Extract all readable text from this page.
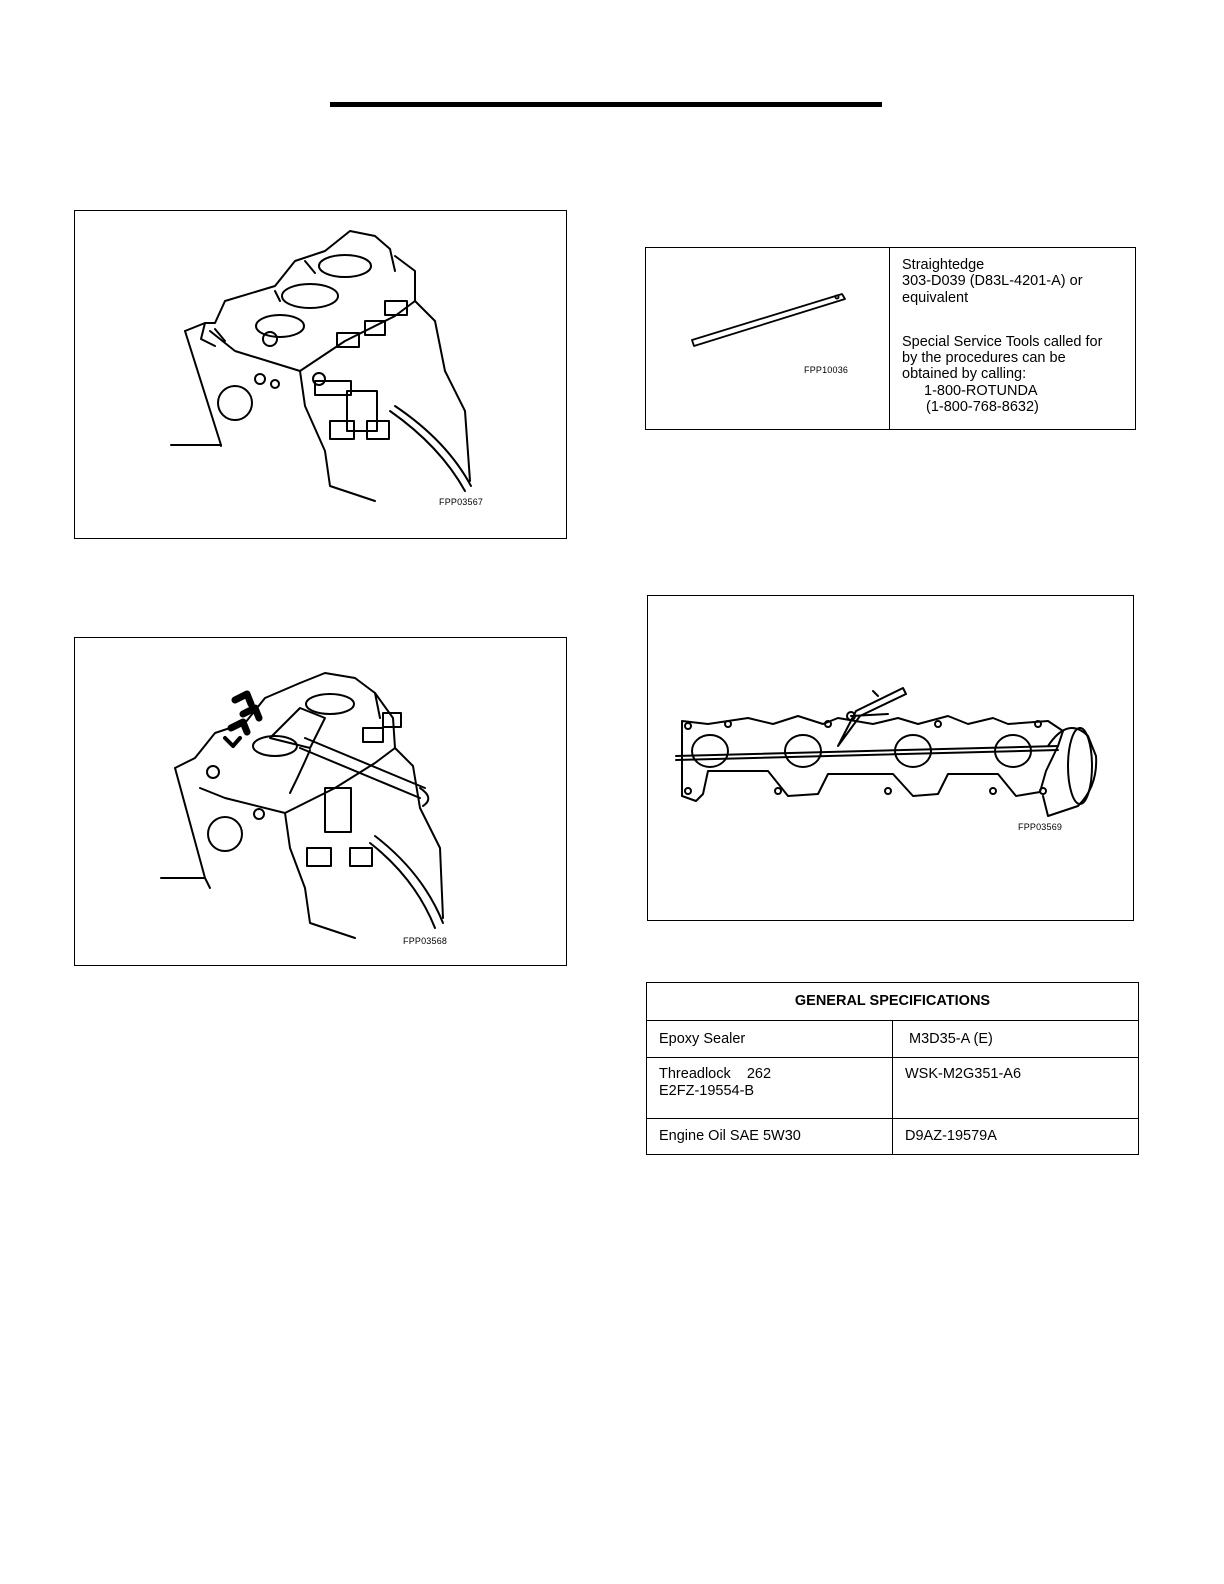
FPP03567
FPP03568
FPP10036

Straightedge
303-D039 (D83L-4201-A) or
equivalent
Special Service Tools called for
by the procedures can be
obtained by calling:
1-800-ROTUNDA
(1-800-768-8632)
FPP03569
GENERAL SPECIFICATIONS	
Epoxy Sealer	M3D35-A (E)

Threadlock    262
E2FZ-19554-B	WSK-M2G351-A6
Engine Oil SAE 5W30	D9AZ-19579A
